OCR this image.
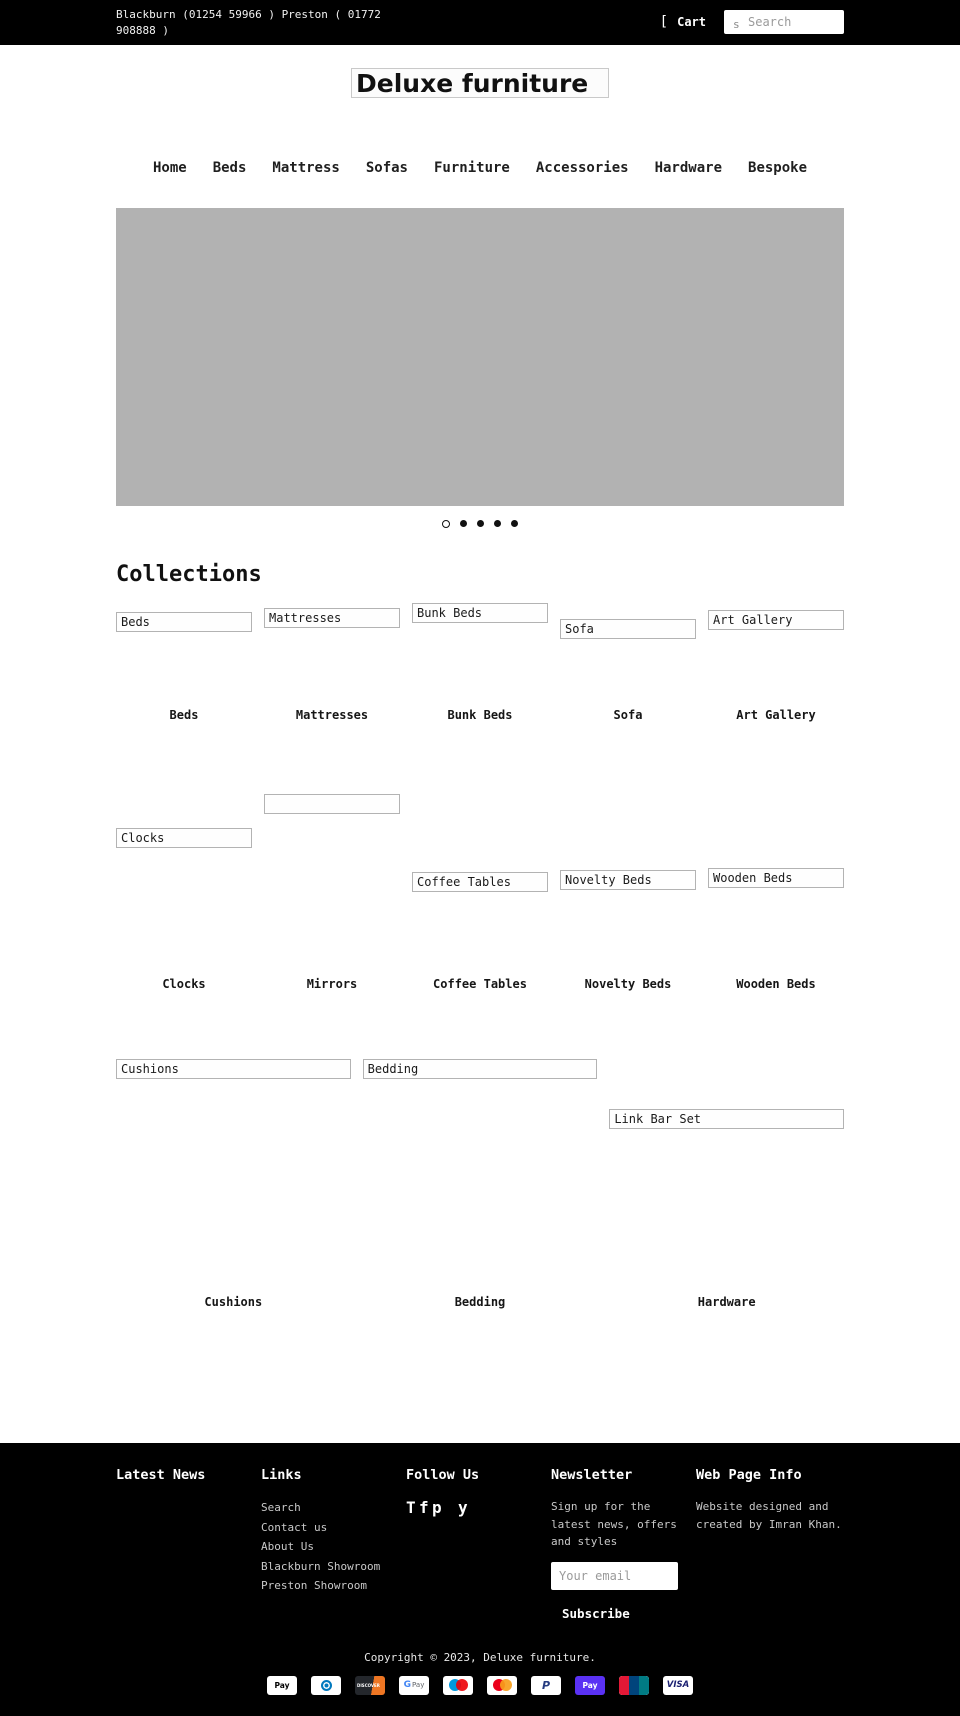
Blackburn (01254 59966 ) Preston ( 01772 908888 )
[ Cart s
Search
Deluxe furniture
Home Beds Mattress Sofas Furniture Accessories Hardware Bespoke
Collections
Beds
Beds
Mattresses
Mattresses
Bunk Beds
Bunk Beds
Sofa
Sofa
Art Gallery
Art Gallery
Clocks
Clocks	Mirrors
Coffee Tables
Coffee Tables
Novelty Beds
Novelty Beds
Wooden Beds
Wooden Beds
Cushions
Cushions
Bedding
Bedding
Link Bar Set
Hardware
Latest News	Links
Search
Contact us
About Us
Blackburn Showroom
Preston Showroom
Follow Us
T f p y
Newsletter

Sign up for the latest news, offers and styles

Your email
Subscribe
Web Page Info

Website designed and created by Imran Khan.

Copyright © 2023, Deluxe furniture.
Pay	DISCOVER	G Pay	P	Pay	VISA
